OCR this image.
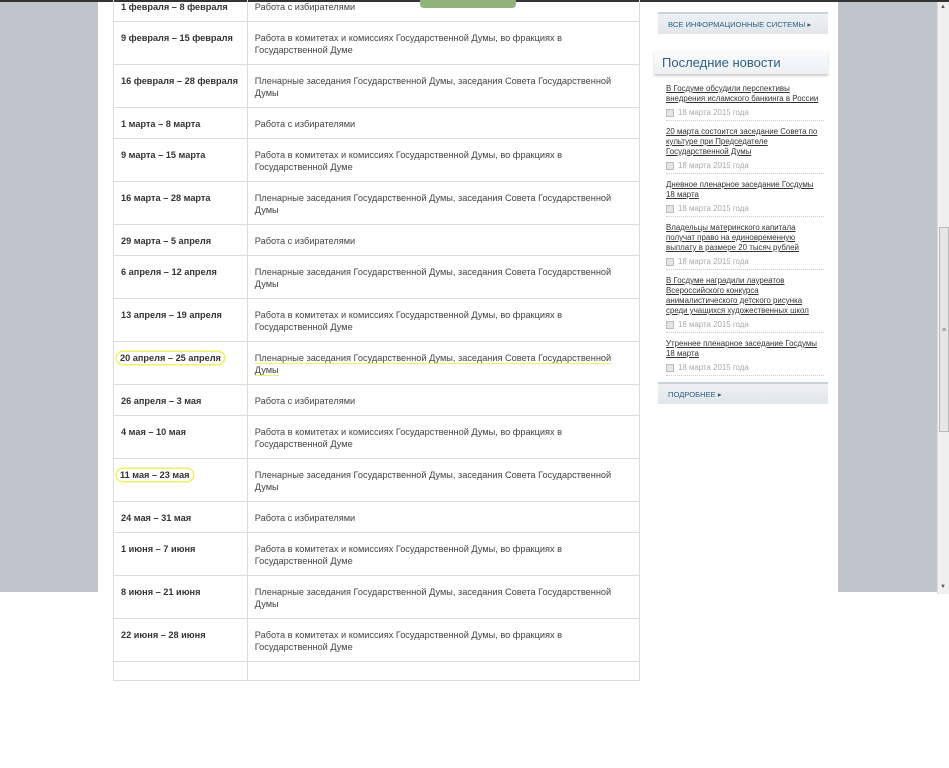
1 февраля – 8 февраля	Работа с избирателями
9 февраля – 15 февраля	Работа в комитетах и комиссиях Государственной Думы, во фракциях в Государственной Думе
16 февраля – 28 февраля	Пленарные заседания Государственной Думы, заседания Совета Государственной Думы
1 марта – 8 марта	Работа с избирателями
9 марта – 15 марта	Работа в комитетах и комиссиях Государственной Думы, во фракциях в Государственной Думе
16 марта – 28 марта	Пленарные заседания Государственной Думы, заседания Совета Государственной Думы
29 марта – 5 апреля	Работа с избирателями
6 апреля – 12 апреля	Пленарные заседания Государственной Думы, заседания Совета Государственной Думы
13 апреля – 19 апреля	Работа в комитетах и комиссиях Государственной Думы, во фракциях в Государственной Думе
20 апреля – 25 апреля	Пленарные заседания Государственной Думы, заседания Совета Государственной Думы
26 апреля – 3 мая	Работа с избирателями
4 мая – 10 мая	Работа в комитетах и комиссиях Государственной Думы, во фракциях в Государственной Думе
11 мая – 23 мая	Пленарные заседания Государственной Думы, заседания Совета Государственной Думы
24 мая – 31 мая	Работа с избирателями
1 июня – 7 июня	Работа в комитетах и комиссиях Государственной Думы, во фракциях в Государственной Думе
8 июня – 21 июня	Пленарные заседания Государственной Думы, заседания Совета Государственной Думы
22 июня – 28 июня	Работа в комитетах и комиссиях Государственной Думы, во фракциях в Государственной Думе

ВСЕ ИНФОРМАЦИОННЫЕ СИСТЕМЫ ▸
Последние новости
В Госдуме обсудили перспективы внедрения исламского банкинга в России
18 марта 2015 года
20 марта состоится заседание Совета по культуре при Председателе Государственной Думы
18 марта 2015 года
Дневное пленарное заседание Госдумы 18 марта
18 марта 2015 года
Владельцы материнского капитала получат право на единовременную выплату в размере 20 тысяч рублей
18 марта 2015 года
В Госдуме наградили лауреатов Всероссийского конкурса анималистического детского рисунка среди учащихся художественных школ
18 марта 2015 года
Утреннее пленарное заседание Госдумы 18 марта
18 марта 2015 года
ПОДРОБНЕЕ ▸
▲
≡
▼
